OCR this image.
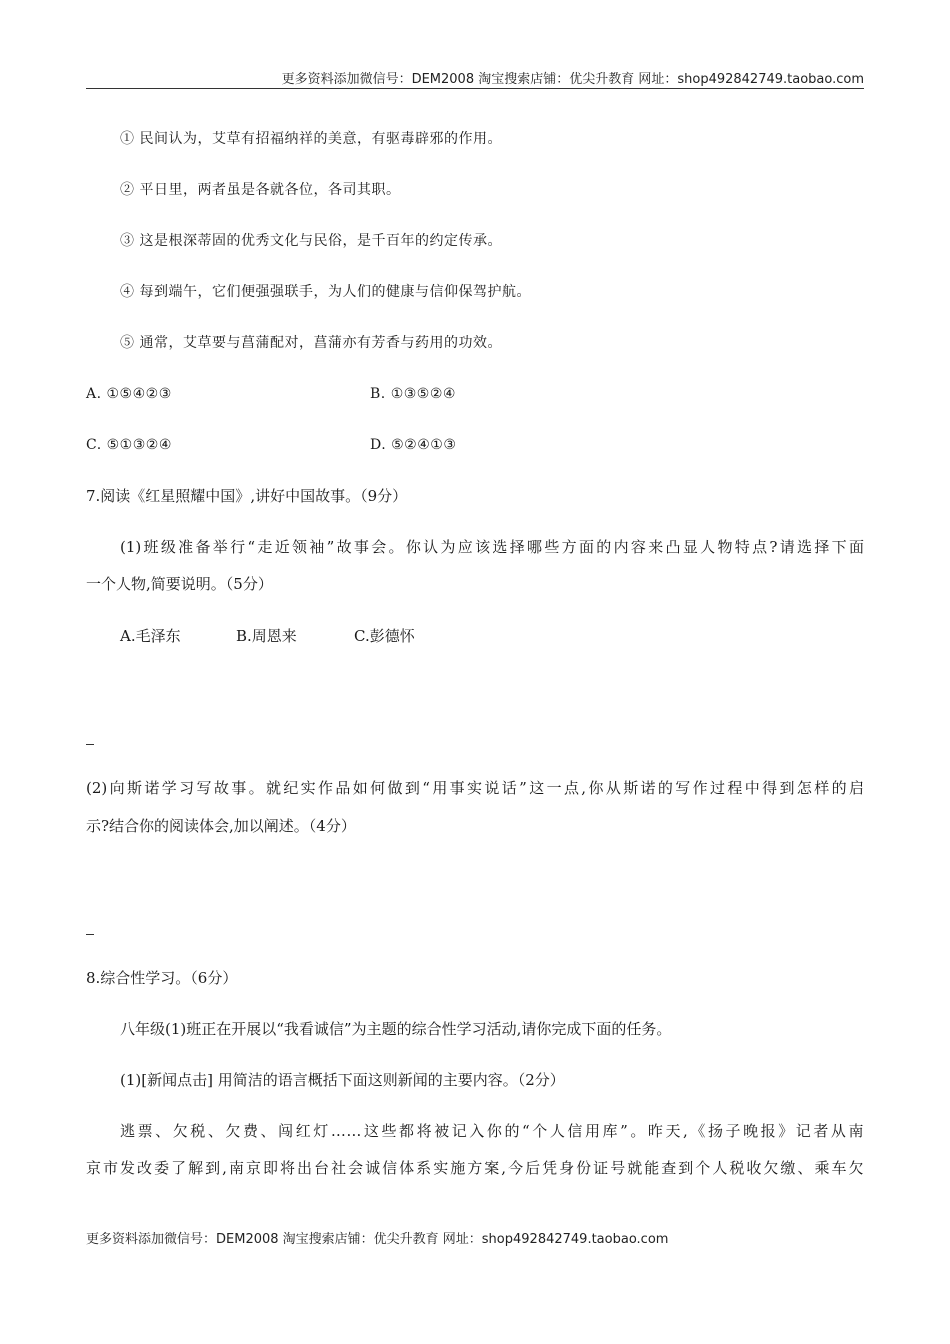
更多资料添加微信号：DEM2008 淘宝搜索店铺：优尖升教育 网址：shop492842749.taobao.com
① 民间认为，艾草有招福纳祥的美意，有驱毒辟邪的作用。
② 平日里，两者虽是各就各位，各司其职。
③ 这是根深蒂固的优秀文化与民俗，是千百年的约定传承。
④ 每到端午，它们便强强联手，为人们的健康与信仰保驾护航。
⑤ 通常，艾草要与菖蒲配对，菖蒲亦有芳香与药用的功效。
A. ①⑤④②③	B. ①③⑤②④
C. ⑤①③②④	D. ⑤②④①③
7.阅读《红星照耀中国》,讲好中国故事。（9分）
(1)班级准备举行“走近领袖”故事会。你认为应该选择哪些方面的内容来凸显人物特点?请选择下面
一个人物,简要说明。（5分）
A.毛泽东	B.周恩来	C.彭德怀
(2)向斯诺学习写故事。就纪实作品如何做到“用事实说话”这一点,你从斯诺的写作过程中得到怎样的启
示?结合你的阅读体会,加以阐述。（4分）
8.综合性学习。（6分）
八年级(1)班正在开展以“我看诚信”为主题的综合性学习活动,请你完成下面的任务。
(1)[新闻点击] 用简洁的语言概括下面这则新闻的主要内容。（2分）
逃票、欠税、欠费、闯红灯……这些都将被记入你的“个人信用库”。昨天,《扬子晚报》记者从南
京市发改委了解到,南京即将出台社会诚信体系实施方案,今后凭身份证号就能查到个人税收欠缴、乘车欠
更多资料添加微信号：DEM2008 淘宝搜索店铺：优尖升教育 网址：shop492842749.taobao.com
